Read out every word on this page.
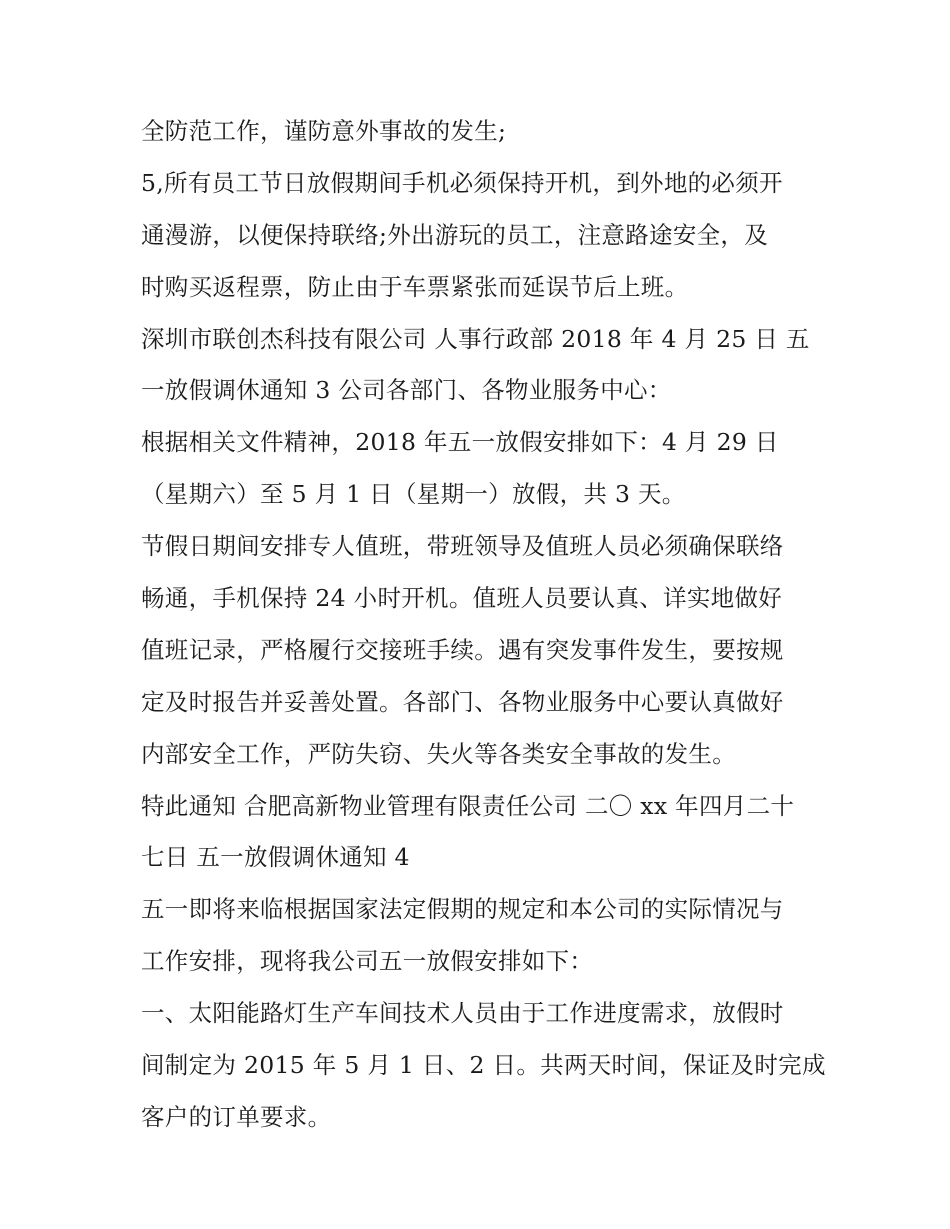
全防范工作，谨防意外事故的发生;

5,所有员工节日放假期间手机必须保持开机，到外地的必须开

通漫游，以便保持联络;外出游玩的员工，注意路途安全，及

时购买返程票，防止由于车票紧张而延误节后上班。

深圳市联创杰科技有限公司 人事行政部 2018 年 4 月 25 日 五

一放假调休通知 3 公司各部门、各物业服务中心：

根据相关文件精神，2018 年五一放假安排如下：4 月 29 日

（星期六）至 5 月 1 日（星期一）放假，共 3 天。

节假日期间安排专人值班，带班领导及值班人员必须确保联络

畅通，手机保持 24 小时开机。值班人员要认真、详实地做好

值班记录，严格履行交接班手续。遇有突发事件发生，要按规

定及时报告并妥善处置。各部门、各物业服务中心要认真做好

内部安全工作，严防失窃、失火等各类安全事故的发生。

特此通知 合肥高新物业管理有限责任公司 二〇 xx 年四月二十

七日 五一放假调休通知 4

五一即将来临根据国家法定假期的规定和本公司的实际情况与

工作安排，现将我公司五一放假安排如下：

一、太阳能路灯生产车间技术人员由于工作进度需求，放假时

间制定为 2015 年 5 月 1 日、2 日。共两天时间，保证及时完成

客户的订单要求。
